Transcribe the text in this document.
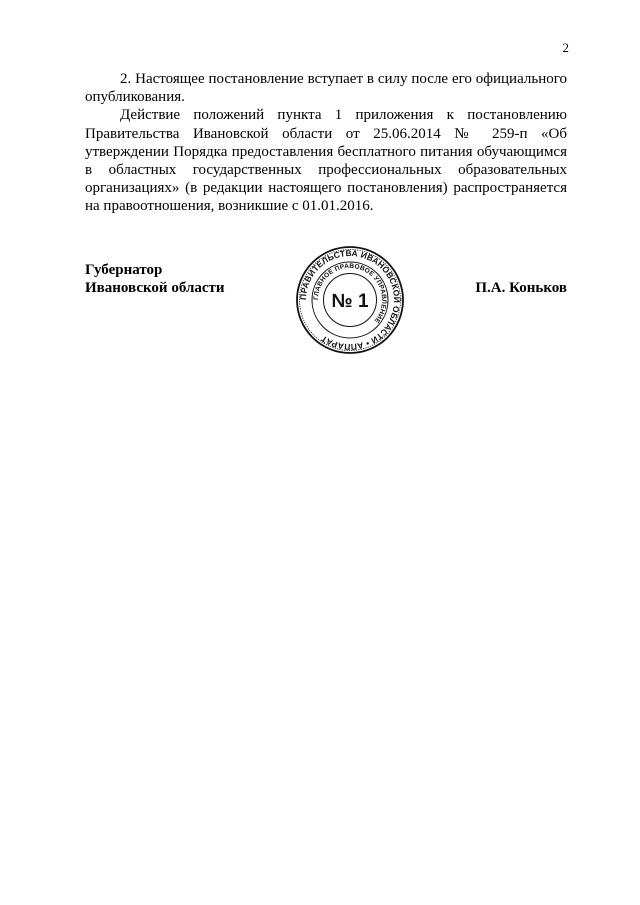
2

2. Настоящее постановление вступает в силу после его официального опубликования.

Действие положений пункта 1 приложения к постановлению Правительства Ивановской области от 25.06.2014 № 259-п «Об утверждении Порядка предоставления бесплатного питания обучающимся в областных государственных профессиональных образовательных организациях» (в редакции настоящего постановления) распространяется на правоотношения, возникшие с 01.01.2016.

Губернатор
Ивановской области
ПРАВИТЕЛЬСТВА ИВАНОВСКОЙ ОБЛАСТИ • АППАРАТ
ГЛАВНОЕ ПРАВОВОЕ УПРАВЛЕНИЕ
№ 1
П.А. Коньков
